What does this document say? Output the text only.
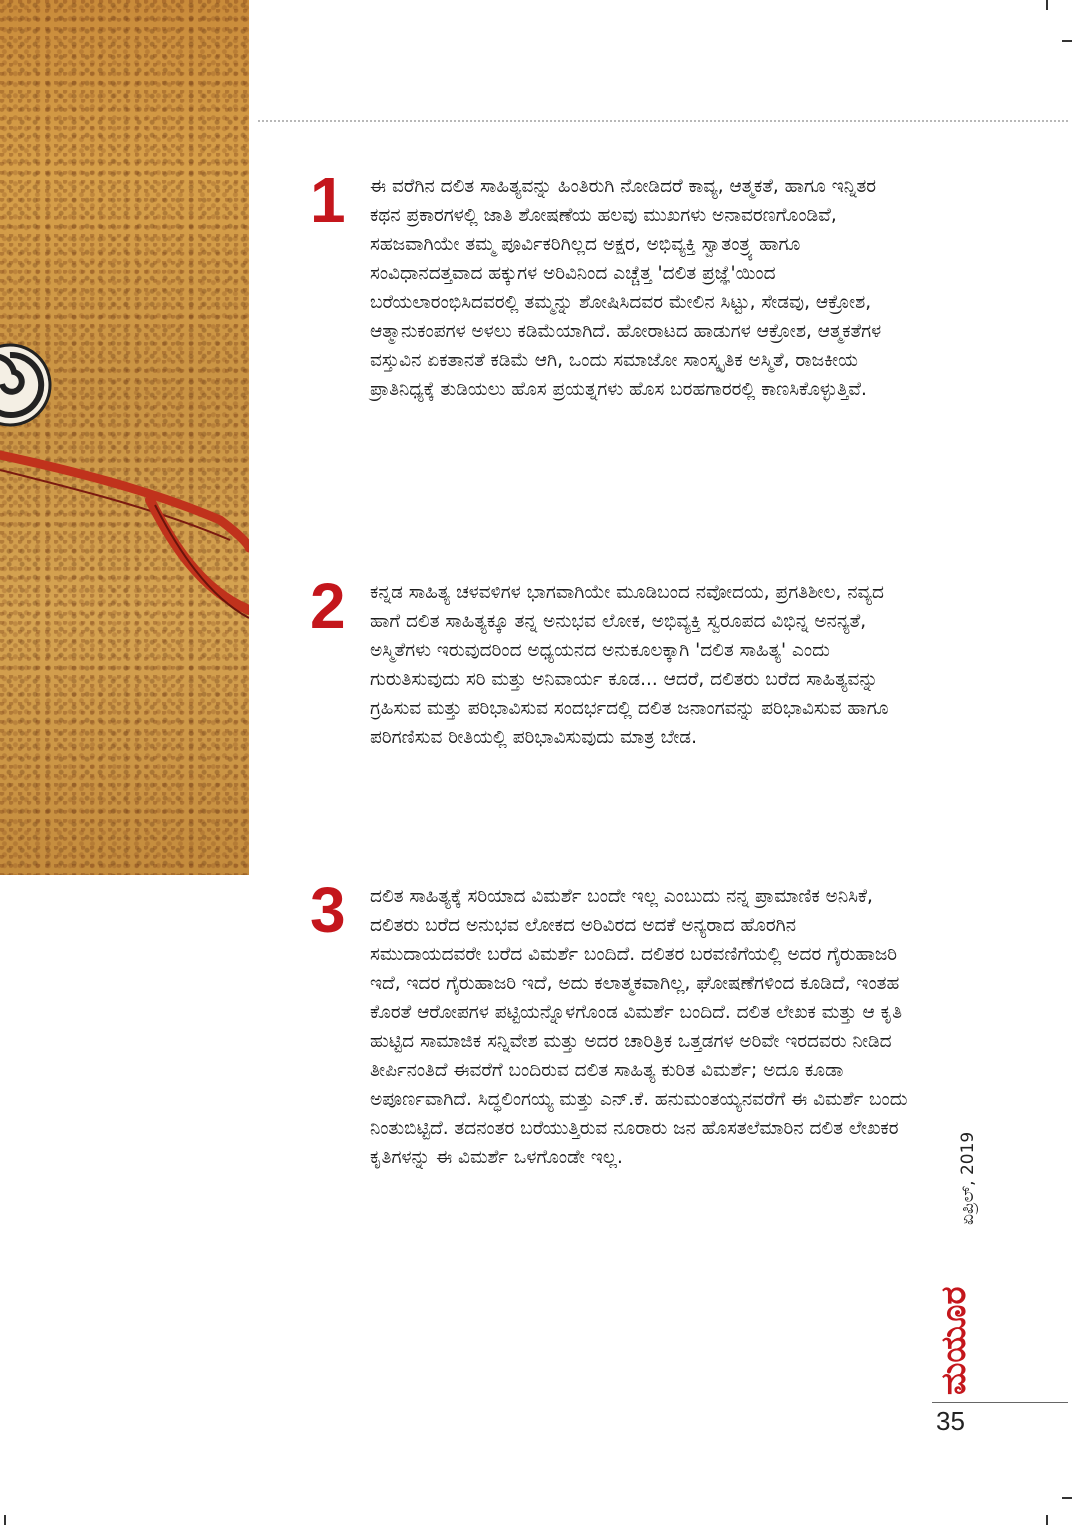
1 ಈ ವರೆಗಿನ ದಲಿತ ಸಾಹಿತ್ಯವನ್ನು ಹಿಂತಿರುಗಿ ನೋಡಿದರೆ ಕಾವ್ಯ, ಆತ್ಮಕತೆ, ಹಾಗೂ ಇನ್ನಿತರ ಕಥನ ಪ್ರಕಾರಗಳಲ್ಲಿ ಜಾತಿ ಶೋಷಣೆಯ ಹಲವು ಮುಖಗಳು ಅನಾವರಣಗೊಂಡಿವೆ, ಸಹಜವಾಗಿಯೇ ತಮ್ಮ ಪೂರ್ವಿಕರಿಗಿಲ್ಲದ ಅಕ್ಷರ, ಅಭಿವ್ಯಕ್ತಿ ಸ್ವಾತಂತ್ರ್ಯ ಹಾಗೂ ಸಂವಿಧಾನದತ್ತವಾದ ಹಕ್ಕುಗಳ ಅರಿವಿನಿಂದ ಎಚ್ಚೆತ್ತ 'ದಲಿತ ಪ್ರಜ್ಞೆ'ಯಿಂದ ಬರೆಯಲಾರಂಭಿಸಿದವರಲ್ಲಿ ತಮ್ಮನ್ನು ಶೋಷಿಸಿದವರ ಮೇಲಿನ ಸಿಟ್ಟು, ಸೇಡವು, ಆಕ್ರೋಶ, ಆತ್ಮಾನುಕಂಪಗಳ ಅಳಲು ಕಡಿಮೆಯಾಗಿದೆ. ಹೋರಾಟದ ಹಾಡುಗಳ ಆಕ್ರೋಶ, ಆತ್ಮಕತೆಗಳ ವಸ್ತುವಿನ ಏಕತಾನತೆ ಕಡಿಮೆ ಆಗಿ, ಒಂದು ಸಮಾಜೋ ಸಾಂಸ್ಕೃತಿಕ ಅಸ್ಮಿತೆ, ರಾಜಕೀಯ ಪ್ರಾತಿನಿಧ್ಯಕ್ಕೆ ತುಡಿಯಲು ಹೊಸ ಪ್ರಯತ್ನಗಳು ಹೊಸ ಬರಹಗಾರರಲ್ಲಿ ಕಾಣಸಿಕೊಳ್ಳುತ್ತಿವೆ.

2 ಕನ್ನಡ ಸಾಹಿತ್ಯ ಚಳವಳಿಗಳ ಭಾಗವಾಗಿಯೇ ಮೂಡಿಬಂದ ನವೋದಯ, ಪ್ರಗತಿಶೀಲ, ನವ್ಯದ ಹಾಗೆ ದಲಿತ ಸಾಹಿತ್ಯಕ್ಕೂ ತನ್ನ ಅನುಭವ ಲೋಕ, ಅಭಿವ್ಯಕ್ತಿ ಸ್ವರೂಪದ ವಿಭಿನ್ನ ಅನನ್ಯತೆ, ಅಸ್ಮಿತೆಗಳು ಇರುವುದರಿಂದ ಅಧ್ಯಯನದ ಅನುಕೂಲಕ್ಕಾಗಿ 'ದಲಿತ ಸಾಹಿತ್ಯ' ಎಂದು ಗುರುತಿಸುವುದು ಸರಿ ಮತ್ತು ಅನಿವಾರ್ಯ ಕೂಡ... ಆದರೆ, ದಲಿತರು ಬರೆದ ಸಾಹಿತ್ಯವನ್ನು ಗ್ರಹಿಸುವ ಮತ್ತು ಪರಿಭಾವಿಸುವ ಸಂದರ್ಭದಲ್ಲಿ ದಲಿತ ಜನಾಂಗವನ್ನು ಪರಿಭಾವಿಸುವ ಹಾಗೂ ಪರಿಗಣಿಸುವ ರೀತಿಯಲ್ಲಿ ಪರಿಭಾವಿಸುವುದು ಮಾತ್ರ ಬೇಡ.

3 ದಲಿತ ಸಾಹಿತ್ಯಕ್ಕೆ ಸರಿಯಾದ ವಿಮರ್ಶೆ ಬಂದೇ ಇಲ್ಲ ಎಂಬುದು ನನ್ನ ಪ್ರಾಮಾಣಿಕ ಅನಿಸಿಕೆ, ದಲಿತರು ಬರೆದ ಅನುಭವ ಲೋಕದ ಅರಿವಿರದ ಅದಕೆ ಅನ್ಯರಾದ ಹೊರಗಿನ ಸಮುದಾಯದವರೇ ಬರೆದ ವಿಮರ್ಶೆ ಬಂದಿದೆ. ದಲಿತರ ಬರವಣಿಗೆಯಲ್ಲಿ ಅದರ ಗೈರುಹಾಜರಿ ಇದೆ, ಇದರ ಗೈರುಹಾಜರಿ ಇದೆ, ಅದು ಕಲಾತ್ಮಕವಾಗಿಲ್ಲ, ಘೋಷಣೆಗಳಿಂದ ಕೂಡಿದೆ, ಇಂತಹ ಕೊರತೆ ಆರೋಪಗಳ ಪಟ್ಟಿಯನ್ನೊಳಗೊಂಡ ವಿಮರ್ಶೆ ಬಂದಿದೆ. ದಲಿತ ಲೇಖಕ ಮತ್ತು ಆ ಕೃತಿ ಹುಟ್ಟಿದ ಸಾಮಾಜಿಕ ಸನ್ನಿವೇಶ ಮತ್ತು ಅದರ ಚಾರಿತ್ರಿಕ ಒತ್ತಡಗಳ ಅರಿವೇ ಇರದವರು ನೀಡಿದ ತೀರ್ಪಿನಂತಿದೆ ಈವರೆಗೆ ಬಂದಿರುವ ದಲಿತ ಸಾಹಿತ್ಯ ಕುರಿತ ವಿಮರ್ಶೆ; ಅದೂ ಕೂಡಾ ಅಪೂರ್ಣವಾಗಿದೆ. ಸಿದ್ಧಲಿಂಗಯ್ಯ ಮತ್ತು ಎನ್.ಕೆ. ಹನುಮಂತಯ್ಯನವರೆಗೆ ಈ ವಿಮರ್ಶೆ ಬಂದು ನಿಂತುಬಿಟ್ಟಿದೆ. ತದನಂತರ ಬರೆಯುತ್ತಿರುವ ನೂರಾರು ಜನ ಹೊಸತಲೆಮಾರಿನ ದಲಿತ ಲೇಖಕರ ಕೃತಿಗಳನ್ನು ಈ ವಿಮರ್ಶೆ ಒಳಗೊಂಡೇ ಇಲ್ಲ.	ಏಪ್ರಿಲ್, 2019
ಮಯೂರ
35
